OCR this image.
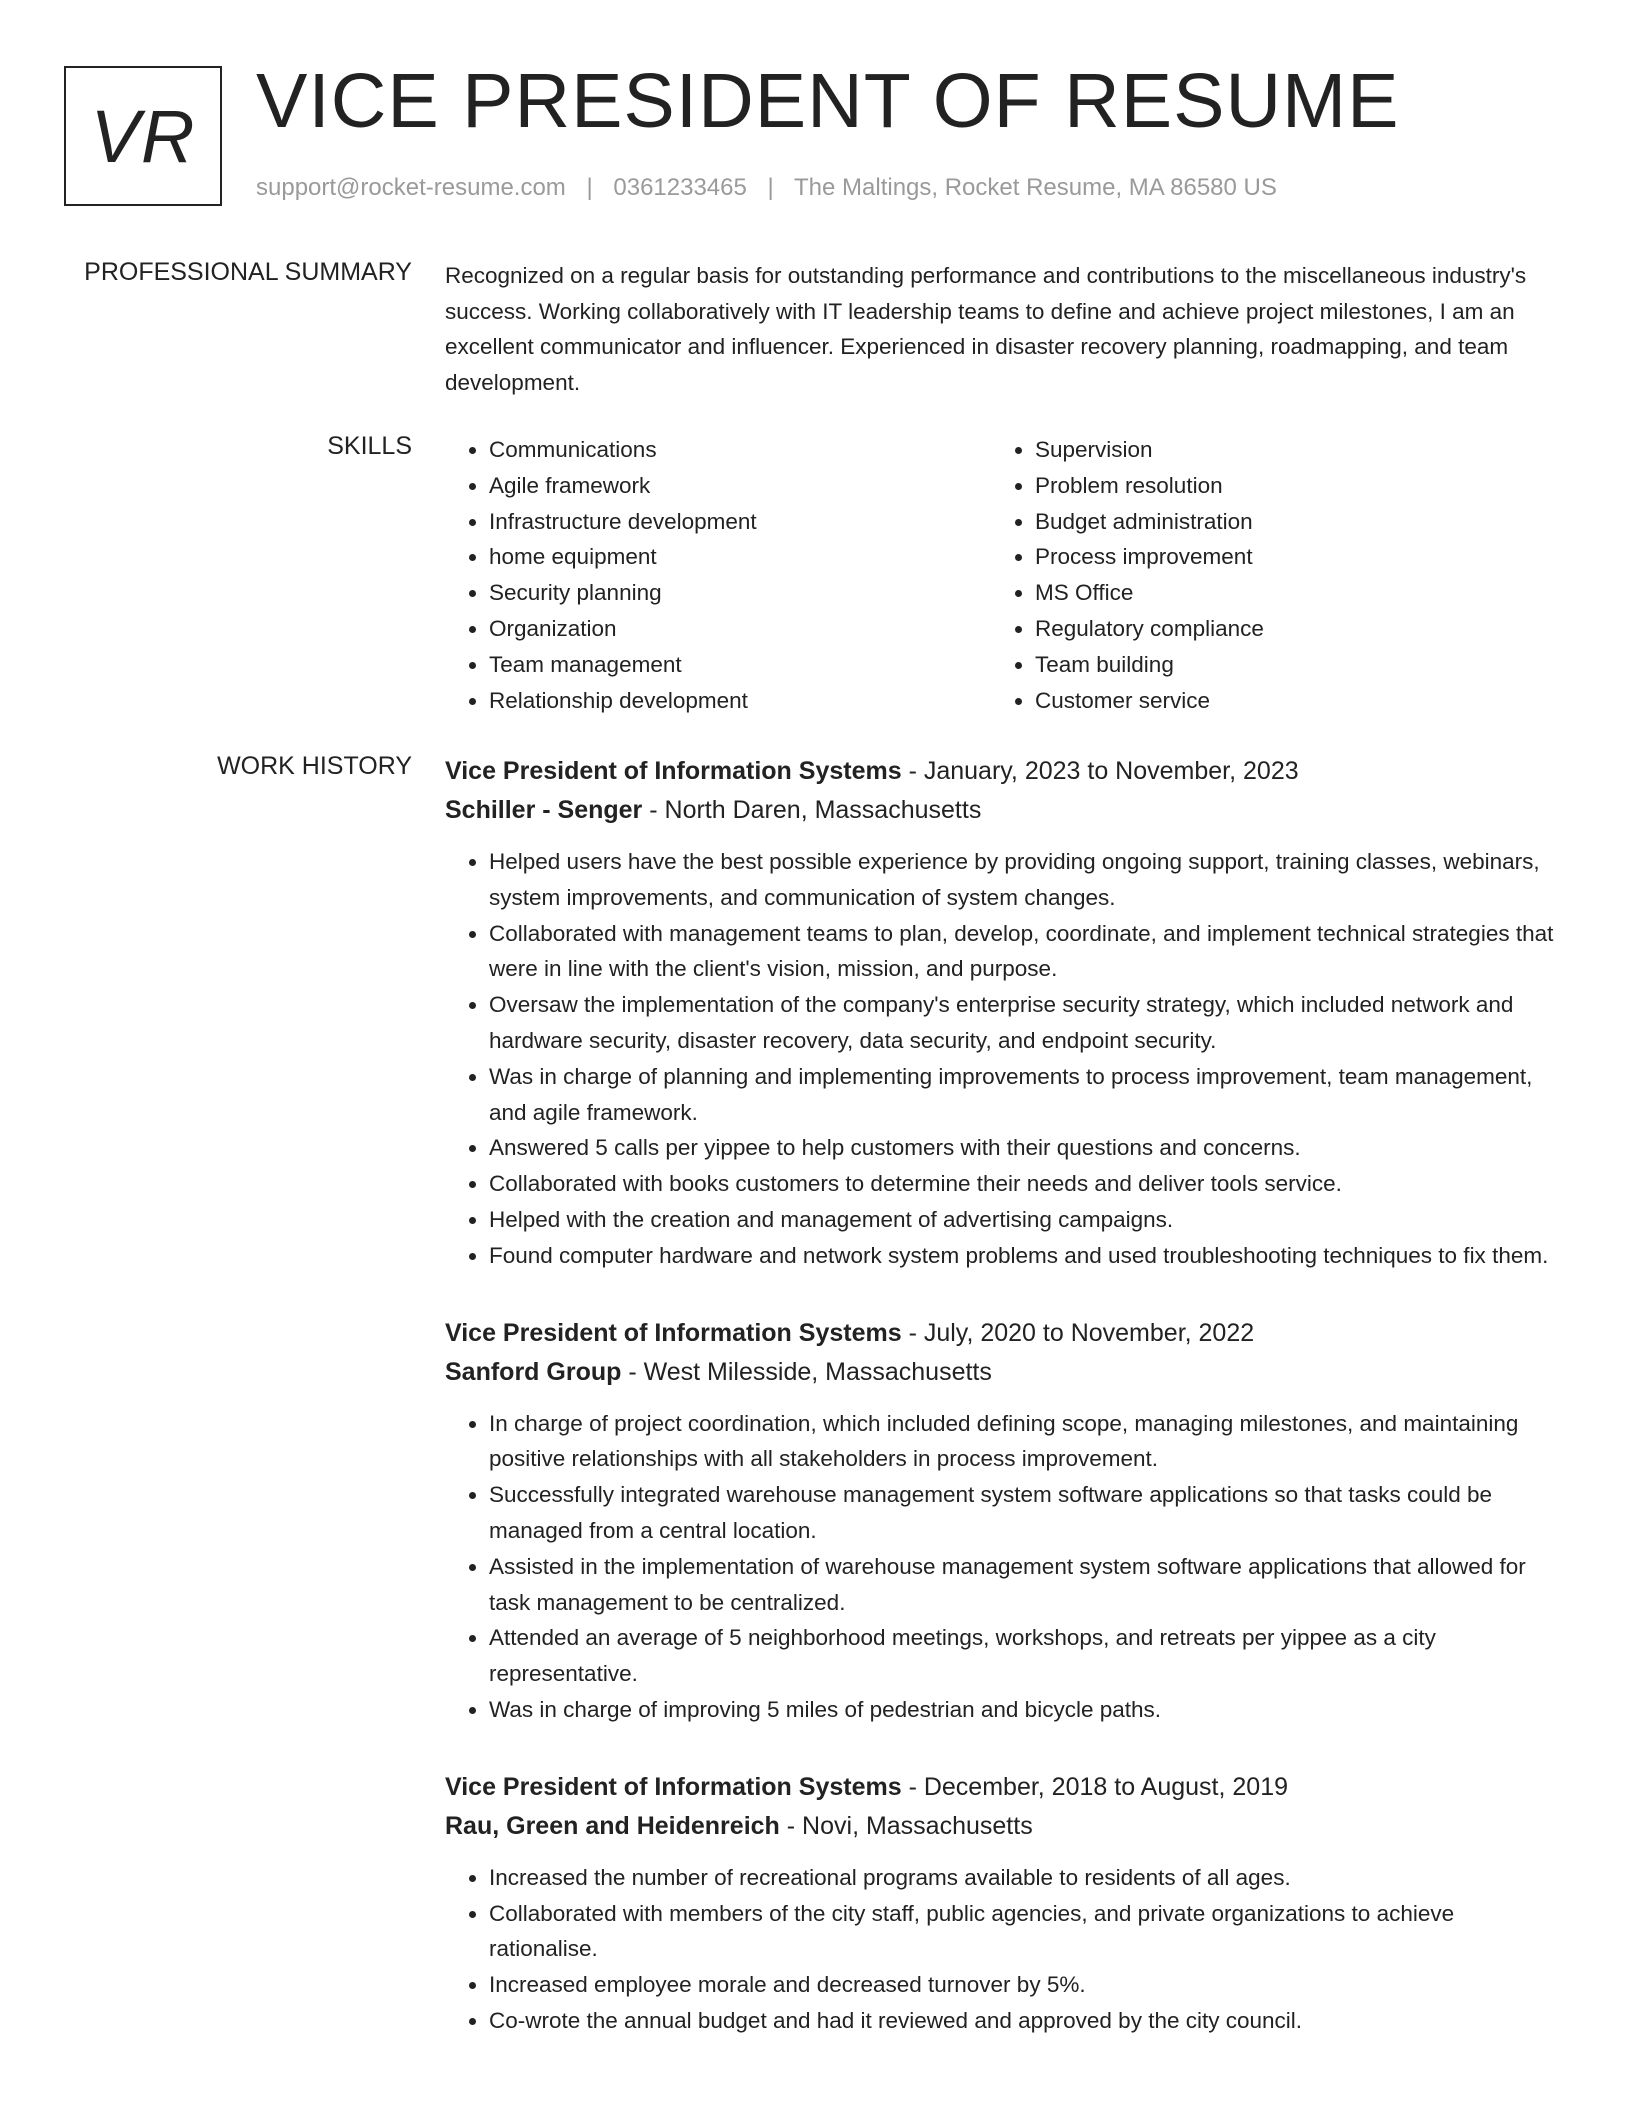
VR VICE PRESIDENT OF RESUME
support@rocket-resume.com | 0361233465 | The Maltings, Rocket Resume, MA 86580 US
PROFESSIONAL SUMMARY Recognized on a regular basis for outstanding performance and contributions to the miscellaneous industry's success. Working collaboratively with IT leadership teams to define and achieve project milestones, I am an excellent communicator and influencer. Experienced in disaster recovery planning, roadmapping, and team development.

SKILLS
•	Communications
• Agile framework
• Infrastructure development
• home equipment
• Security planning
• Organization
• Team management
• Relationship development
• Supervision
• Problem resolution
• Budget administration
• Process improvement
• MS Office
• Regulatory compliance
• Team building
• Customer service
WORK HISTORY Vice President of Information Systems - January, 2023 to November, 2023
Schiller - Senger - North Daren, Massachusetts
• Helped users have the best possible experience by providing ongoing support, training classes, webinars, system improvements, and communication of system changes.
• Collaborated with management teams to plan, develop, coordinate, and implement technical strategies that were in line with the client's vision, mission, and purpose.
• Oversaw the implementation of the company's enterprise security strategy, which included network and hardware security, disaster recovery, data security, and endpoint security.
• Was in charge of planning and implementing improvements to process improvement, team management, and agile framework.
• Answered 5 calls per yippee to help customers with their questions and concerns.
• Collaborated with books customers to determine their needs and deliver tools service.
• Helped with the creation and management of advertising campaigns.
• Found computer hardware and network system problems and used troubleshooting techniques to fix them.
Vice President of Information Systems - July, 2020 to November, 2022
Sanford Group - West Milesside, Massachusetts
• In charge of project coordination, which included defining scope, managing milestones, and maintaining positive relationships with all stakeholders in process improvement.
• Successfully integrated warehouse management system software applications so that tasks could be managed from a central location.
• Assisted in the implementation of warehouse management system software applications that allowed for task management to be centralized.
• Attended an average of 5 neighborhood meetings, workshops, and retreats per yippee as a city representative.
• Was in charge of improving 5 miles of pedestrian and bicycle paths.
Vice President of Information Systems - December, 2018 to August, 2019
Rau, Green and Heidenreich - Novi, Massachusetts
• Increased the number of recreational programs available to residents of all ages.
• Collaborated with members of the city staff, public agencies, and private organizations to achieve rationalise.
• Increased employee morale and decreased turnover by 5%.
• Co-wrote the annual budget and had it reviewed and approved by the city council.
